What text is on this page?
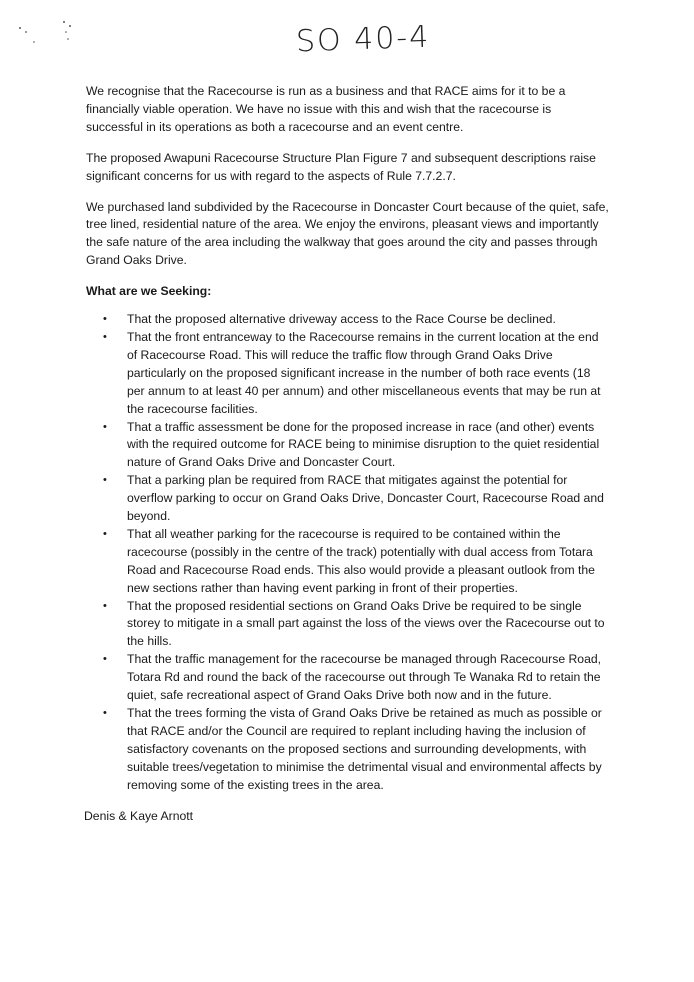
SO 40-4

We recognise that the Racecourse is run as a business and that RACE aims for it to be a financially viable operation. We have no issue with this and wish that the racecourse is successful in its operations as both a racecourse and an event centre.

The proposed Awapuni Racecourse Structure Plan Figure 7 and subsequent descriptions raise significant concerns for us with regard to the aspects of Rule 7.7.2.7.

We purchased land subdivided by the Racecourse in Doncaster Court because of the quiet, safe, tree lined, residential nature of the area. We enjoy the environs, pleasant views and importantly the safe nature of the area including the walkway that goes around the city and passes through Grand Oaks Drive.

What are we Seeking:
• That the proposed alternative driveway access to the Race Course be declined.
• That the front entranceway to the Racecourse remains in the current location at the end of Racecourse Road. This will reduce the traffic flow through Grand Oaks Drive particularly on the proposed significant increase in the number of both race events (18 per annum to at least 40 per annum) and other miscellaneous events that may be run at the racecourse facilities.
• That a traffic assessment be done for the proposed increase in race (and other) events with the required outcome for RACE being to minimise disruption to the quiet residential nature of Grand Oaks Drive and Doncaster Court.
• That a parking plan be required from RACE that mitigates against the potential for overflow parking to occur on Grand Oaks Drive, Doncaster Court, Racecourse Road and beyond.
• That all weather parking for the racecourse is required to be contained within the racecourse (possibly in the centre of the track) potentially with dual access from Totara Road and Racecourse Road ends. This also would provide a pleasant outlook from the new sections rather than having event parking in front of their properties.
• That the proposed residential sections on Grand Oaks Drive be required to be single storey to mitigate in a small part against the loss of the views over the Racecourse out to the hills.
• That the traffic management for the racecourse be managed through Racecourse Road, Totara Rd and round the back of the racecourse out through Te Wanaka Rd to retain the quiet, safe recreational aspect of Grand Oaks Drive both now and in the future.
• That the trees forming the vista of Grand Oaks Drive be retained as much as possible or that RACE and/or the Council are required to replant including having the inclusion of satisfactory covenants on the proposed sections and surrounding developments, with suitable trees/vegetation to minimise the detrimental visual and environmental affects by removing some of the existing trees in the area.
Denis & Kaye Arnott
